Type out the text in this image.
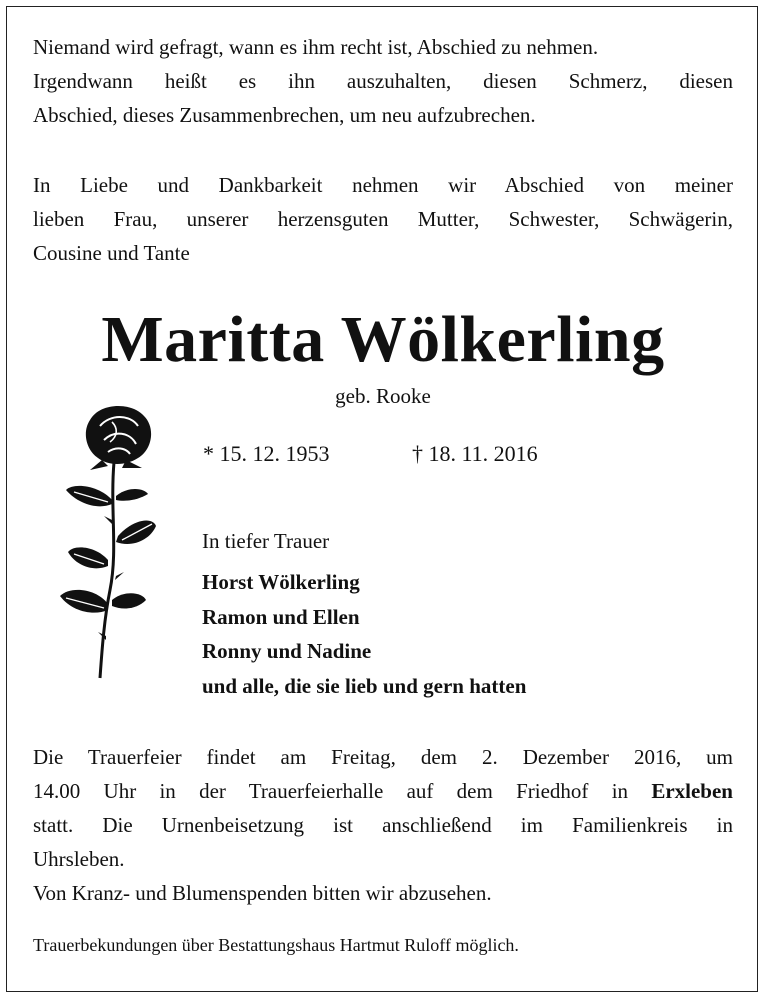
Niemand wird gefragt, wann es ihm recht ist, Abschied zu nehmen.
Irgendwann heißt es ihn auszuhalten, diesen Schmerz, diesen
Abschied, dieses Zusammenbrechen, um neu aufzubrechen.
In Liebe und Dankbarkeit nehmen wir Abschied von meiner
lieben Frau, unserer herzensguten Mutter, Schwester, Schwägerin,
Cousine und Tante
Maritta Wölkerling
geb. Rooke
* 15. 12. 1953	† 18. 11. 2016
In tiefer Trauer
Horst Wölkerling
Ramon und Ellen
Ronny und Nadine
und alle, die sie lieb und gern hatten
Die Trauerfeier findet am Freitag, dem 2. Dezember 2016, um
14.00 Uhr in der Trauerfeierhalle auf dem Friedhof in Erxleben
statt. Die Urnenbeisetzung ist anschließend im Familienkreis in
Uhrsleben.
Von Kranz- und Blumenspenden bitten wir abzusehen.
Trauerbekundungen über Bestattungshaus Hartmut Ruloff möglich.
